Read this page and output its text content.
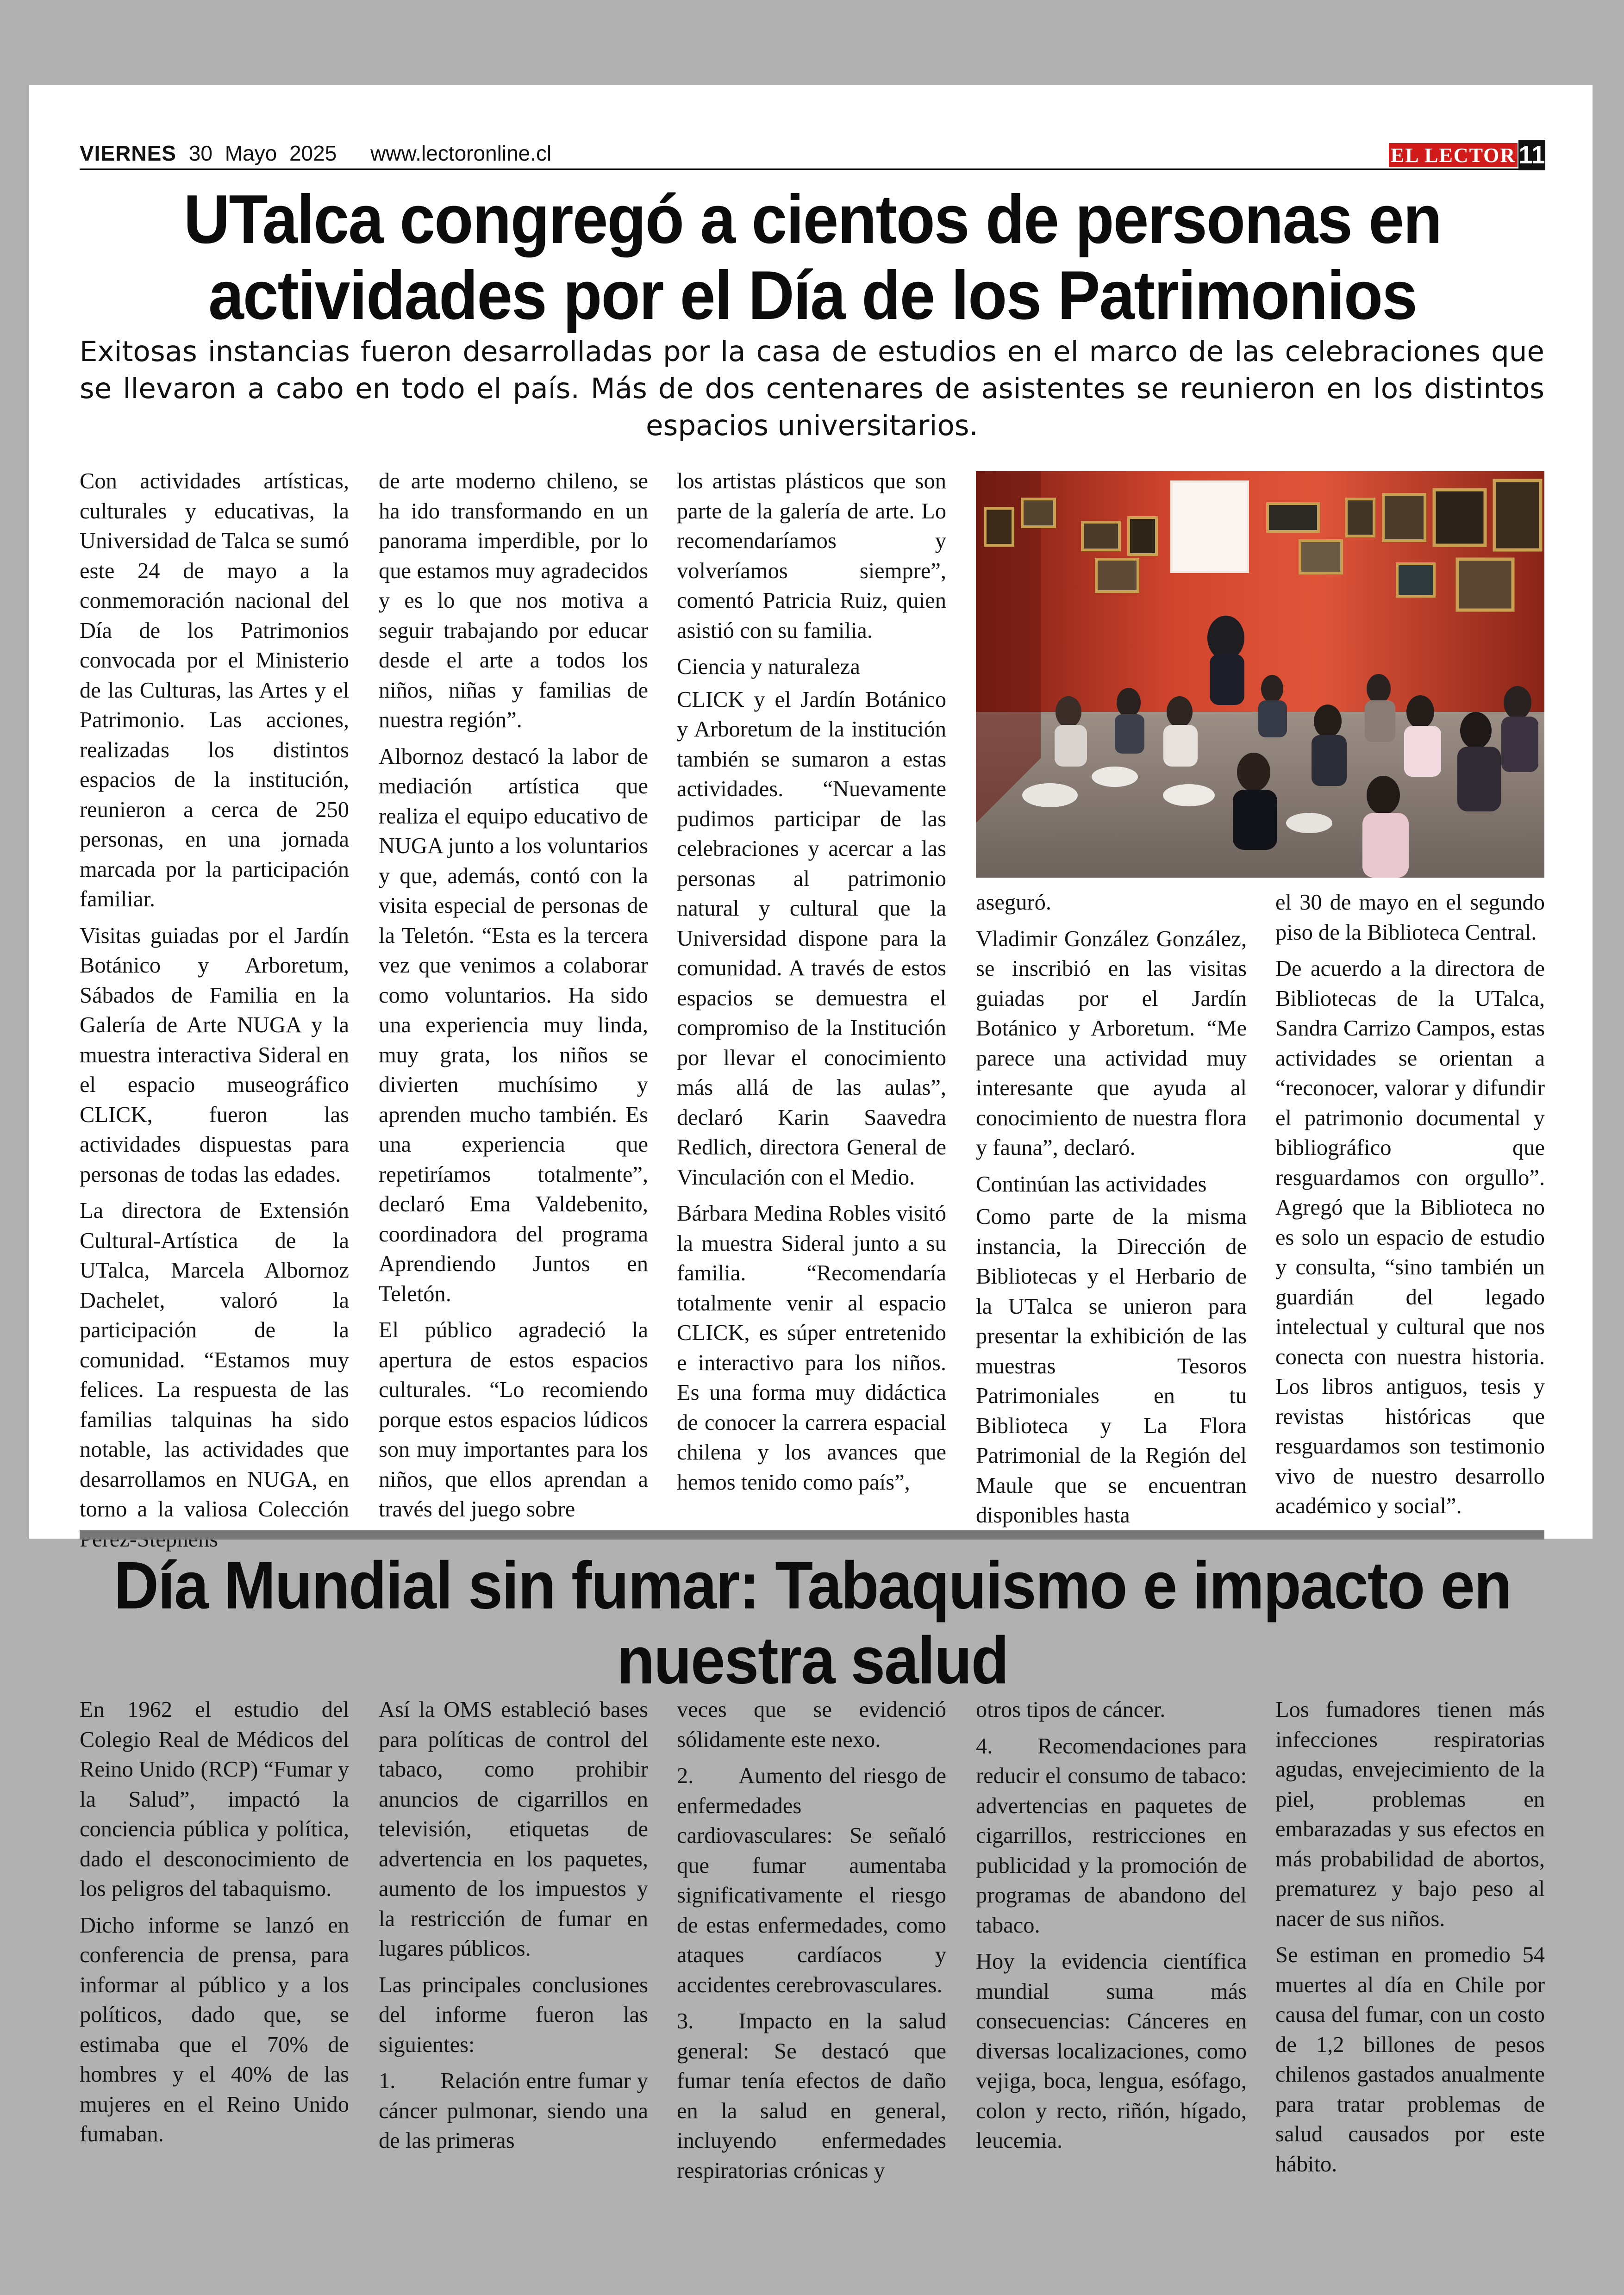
VIERNES 30 Mayo 2025 www.lectoronline.cl	EL LECTOR 11
UTalca congregó a cientos de personas en actividades por el Día de los Patrimonios

Exitosas instancias fueron desarrolladas por la casa de estudios en el marco de las celebraciones que se llevaron a cabo en todo el país. Más de dos centenares de asistentes se reunieron en los distintos espacios universitarios.

Con actividades artísticas, culturales y educativas, la Universidad de Talca se sumó este 24 de mayo a la conmemoración nacional del Día de los Patrimonios convocada por el Ministerio de las Culturas, las Artes y el Patrimonio. Las acciones, realizadas los distintos espacios de la institución, reunieron a cerca de 250 personas, en una jornada marcada por la participación familiar.

Visitas guiadas por el Jardín Botánico y Arboretum, Sábados de Familia en la Galería de Arte NUGA y la muestra interactiva Sideral en el espacio museográfico CLICK, fueron las actividades dispuestas para personas de todas las edades.

La directora de Extensión Cultural-Artística de la UTalca, Marcela Albornoz Dachelet, valoró la participación de la comunidad. “Estamos muy felices. La respuesta de las familias talquinas ha sido notable, las actividades que desarrollamos en NUGA, en torno a la valiosa Colección

de arte moderno chileno, se ha ido transformando en un panorama imperdible, por lo que estamos muy agradecidos y es lo que nos motiva a seguir trabajando por educar desde el arte a todos los niños, niñas y familias de nuestra región”.

Albornoz destacó la labor de mediación artística que realiza el equipo educativo de NUGA junto a los voluntarios y que, además, contó con la visita especial de personas de la Teletón. “Esta es la tercera vez que venimos a colaborar como voluntarios. Ha sido una experiencia muy linda, muy grata, los niños se divierten muchísimo y aprenden mucho también. Es una experiencia que repetiríamos totalmente”, declaró Ema Valdebenito, coordinadora del programa Aprendiendo Juntos en Teletón.

El público agradeció la apertura de estos espacios culturales. “Lo recomiendo porque estos espacios lúdicos son muy importantes para los niños, que ellos aprendan a través del juego sobre

los artistas plásticos que son parte de la galería de arte. Lo recomendaríamos y volveríamos siempre”, comentó Patricia Ruiz, quien asistió con su familia.

Ciencia y naturaleza

CLICK y el Jardín Botánico y Arboretum de la institución también se sumaron a estas actividades. “Nuevamente pudimos participar de las celebraciones y acercar a las personas al patrimonio natural y cultural que la Universidad dispone para la comunidad. A través de estos espacios se demuestra el compromiso de la Institución por llevar el conocimiento más allá de las aulas”, declaró Karin Saavedra Redlich, directora General de Vinculación con el Medio.

Bárbara Medina Robles visitó la muestra Sideral junto a su familia. “Recomendaría totalmente venir al espacio CLICK, es súper entretenido e interactivo para los niños. Es una forma muy didáctica de conocer la carrera espacial chilena y los avances que hemos tenido como país”,

aseguró.

Vladimir González González, se inscribió en las visitas guiadas por el Jardín Botánico y Arboretum. “Me parece una actividad muy interesante que ayuda al conocimiento de nuestra flora y fauna”, declaró.

Continúan las actividades

Como parte de la misma instancia, la Dirección de Bibliotecas y el Herbario de la UTalca se unieron para presentar la exhibición de las muestras Tesoros Patrimoniales en tu Biblioteca y La Flora Patrimonial de la Región del Maule que se encuentran disponibles hasta

el 30 de mayo en el segundo piso de la Biblioteca Central.

De acuerdo a la directora de Bibliotecas de la UTalca, Sandra Carrizo Campos, estas actividades se orientan a “reconocer, valorar y difundir el patrimonio documental y bibliográfico que resguardamos con orgullo”. Agregó que la Biblioteca no es solo un espacio de estudio y consulta, “sino también un guardián del legado intelectual y cultural que nos conecta con nuestra historia. Los libros antiguos, tesis y revistas históricas que resguardamos son testimonio vivo de nuestro desarrollo académico y social”.

Día Mundial sin fumar: Tabaquismo e impacto en nuestra salud

En 1962 el estudio del Colegio Real de Médicos del Reino Unido (RCP) “Fumar y la Salud”, impactó la conciencia pública y política, dado el desconocimiento de los peligros del tabaquismo.

Dicho informe se lanzó en conferencia de prensa, para informar al público y a los políticos, dado que, se estimaba que el 70% de hombres y el 40% de las mujeres en el Reino Unido fumaban.

Así la OMS estableció bases para políticas de control del tabaco, como prohibir anuncios de cigarrillos en televisión, etiquetas de advertencia en los paquetes, aumento de los impuestos y la restricción de fumar en lugares públicos.

Las principales conclusiones del informe fueron las siguientes:

1.  Relación entre fumar y cáncer pulmonar, siendo una de las primeras

veces que se evidenció sólidamente este nexo.

2.  Aumento del riesgo de enfermedades cardiovasculares: Se señaló que fumar aumentaba significativamente el riesgo de estas enfermedades, como ataques cardíacos y accidentes cerebrovasculares.

3.  Impacto en la salud general: Se destacó que fumar tenía efectos de daño en la salud en general, incluyendo enfermedades respiratorias crónicas y

otros tipos de cáncer.

4.  Recomendaciones para reducir el consumo de tabaco: advertencias en paquetes de cigarrillos, restricciones en publicidad y la promoción de programas de abandono del tabaco.

Hoy la evidencia científica mundial suma más consecuencias: Cánceres en diversas localizaciones, como vejiga, boca, lengua, esófago, colon y recto, riñón, hígado, leucemia.

Los fumadores tienen más infecciones respiratorias agudas, envejecimiento de la piel, problemas en embarazadas y sus efectos en más probabilidad de abortos, prematurez y bajo peso al nacer de sus niños.

Se estiman en promedio 54 muertes al día en Chile por causa del fumar, con un costo de 1,2 billones de pesos chilenos gastados anualmente para tratar problemas de salud causados por este hábito.
